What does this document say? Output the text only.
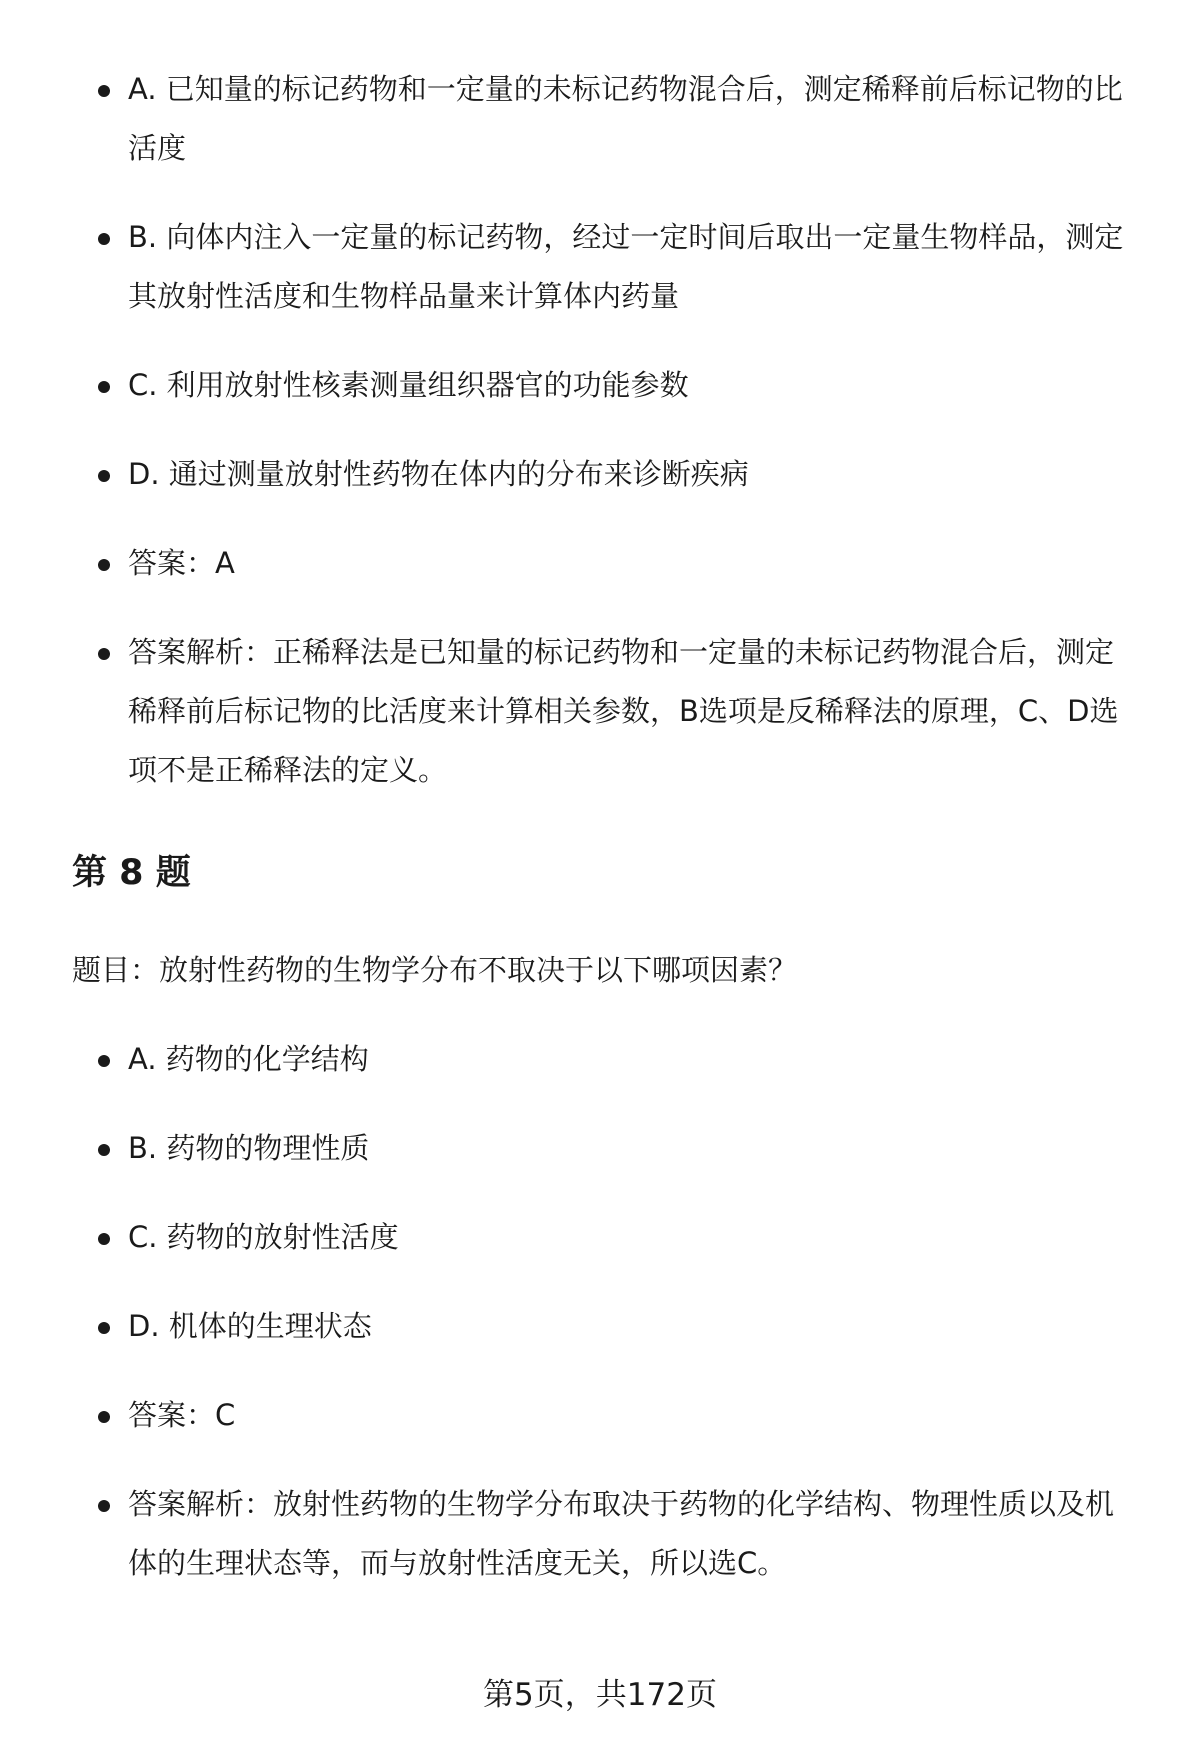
A. 已知量的标记药物和一定量的未标记药物混合后，测定稀释前后标记物的比活度
B. 向体内注入一定量的标记药物，经过一定时间后取出一定量生物样品，测定其放射性活度和生物样品量来计算体内药量
C. 利用放射性核素测量组织器官的功能参数
D. 通过测量放射性药物在体内的分布来诊断疾病
答案：A
答案解析：正稀释法是已知量的标记药物和一定量的未标记药物混合后，测定稀释前后标记物的比活度来计算相关参数，B选项是反稀释法的原理，C、D选项不是正稀释法的定义。
第 8 题

题目：放射性药物的生物学分布不取决于以下哪项因素？

A. 药物的化学结构
B. 药物的物理性质
C. 药物的放射性活度
D. 机体的生理状态
答案：C
答案解析：放射性药物的生物学分布取决于药物的化学结构、物理性质以及机体的生理状态等，而与放射性活度无关，所以选C。
第5页，共172页
